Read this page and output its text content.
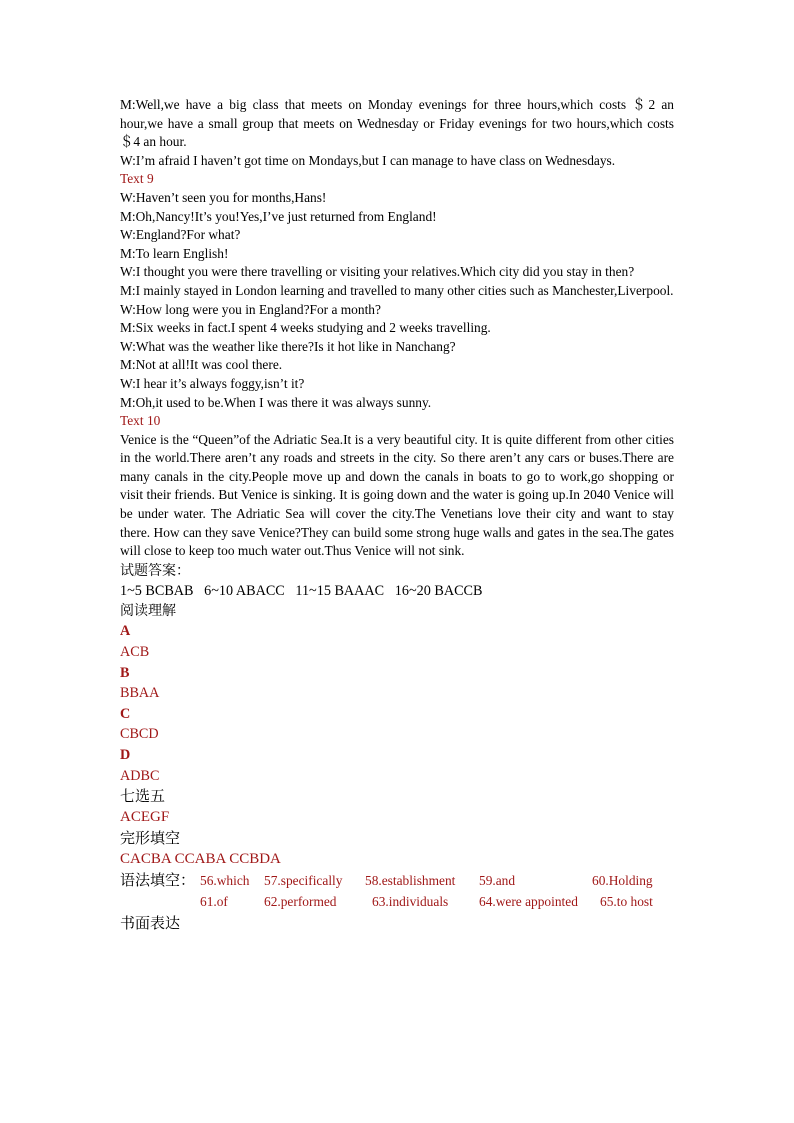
M:Well,we have a big class that meets on Monday evenings for three hours,which costs ＄2 an hour,we have a small group that meets on Wednesday or Friday evenings for two hours,which costs ＄4 an hour.

W:I’m afraid I haven’t got time on Mondays,but I can manage to have class on Wednesdays.

Text 9

W:Haven’t seen you for months,Hans!

M:Oh,Nancy!It’s you!Yes,I’ve just returned from England!

W:England?For what?

M:To learn English!

W:I thought you were there travelling or visiting your relatives.Which city did you stay in then?

M:I mainly stayed in London learning and travelled to many other cities such as Manchester,Liverpool.

W:How long were you in England?For a month?

M:Six weeks in fact.I spent 4 weeks studying and 2 weeks travelling.

W:What was the weather like there?Is it hot like in Nanchang?

M:Not at all!It was cool there.

W:I hear it’s always foggy,isn’t it?

M:Oh,it used to be.When I was there it was always sunny.

Text 10

Venice is the “Queen”of the Adriatic Sea.It is a very beautiful city. It is quite different from other cities in the world.There aren’t any roads and streets in the city. So there aren’t any cars or buses.There are many canals in the city.People move up and down the canals in boats to go to work,go shopping or visit their friends. But Venice is sinking. It is going down and the water is going up.In 2040 Venice will be under water. The Adriatic Sea will cover the city.The Venetians love their city and want to stay there. How can they save Venice?They can build some strong huge walls and gates in the sea.The gates will close to keep too much water out.Thus Venice will not sink.

试题答案：

1~5 BCBAB   6~10 ABACC   11~15 BAAAC   16~20 BACCB

阅读理解

A

ACB

B

BBAA

C

CBCD

D

ADBC

七选五

ACEGF

完形填空

CACBA CCABA CCBDA

语法填空： 56.which 57.specifically 58.establishment 59.and	60.Holding
61.of	62.performed	63.individuals 64.were appointed 65.to host

书面表达
